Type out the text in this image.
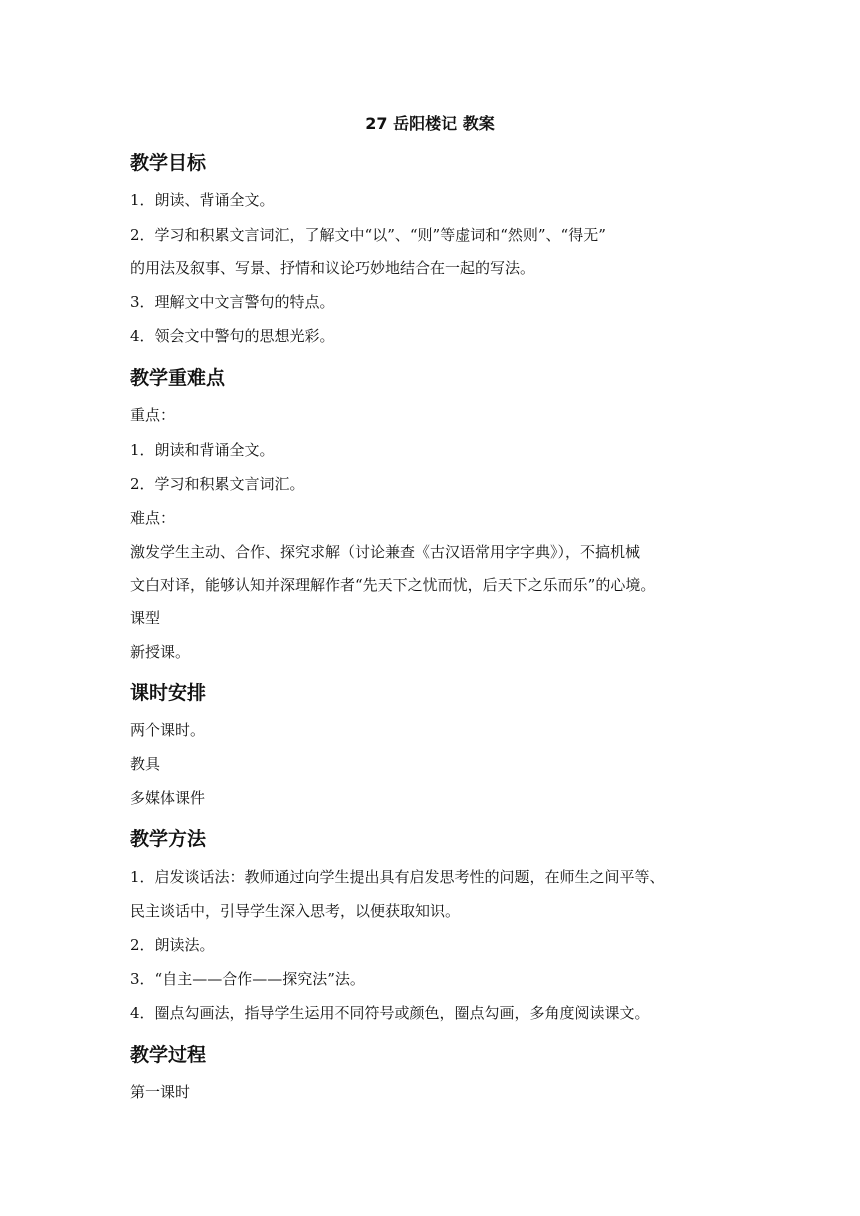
27 岳阳楼记 教案
教学目标
1．朗读、背诵全文。
2．学习和积累文言词汇，了解文中“以”、“则”等虚词和“然则”、“得无”
的用法及叙事、写景、抒情和议论巧妙地结合在一起的写法。
3．理解文中文言警句的特点。
4．领会文中警句的思想光彩。
教学重难点
重点：
1．朗读和背诵全文。
2．学习和积累文言词汇。
难点：
激发学生主动、合作、探究求解（讨论兼查《古汉语常用字字典》），不搞机械
文白对译，能够认知并深理解作者“先天下之忧而忧，后天下之乐而乐”的心境。
课型
新授课。
课时安排
两个课时。
教具
多媒体课件
教学方法
1．启发谈话法：教师通过向学生提出具有启发思考性的问题，在师生之间平等、
民主谈话中，引导学生深入思考，以便获取知识。
2．朗读法。
3．“自主——合作——探究法”法。
4．圈点勾画法，指导学生运用不同符号或颜色，圈点勾画，多角度阅读课文。
教学过程
第一课时
